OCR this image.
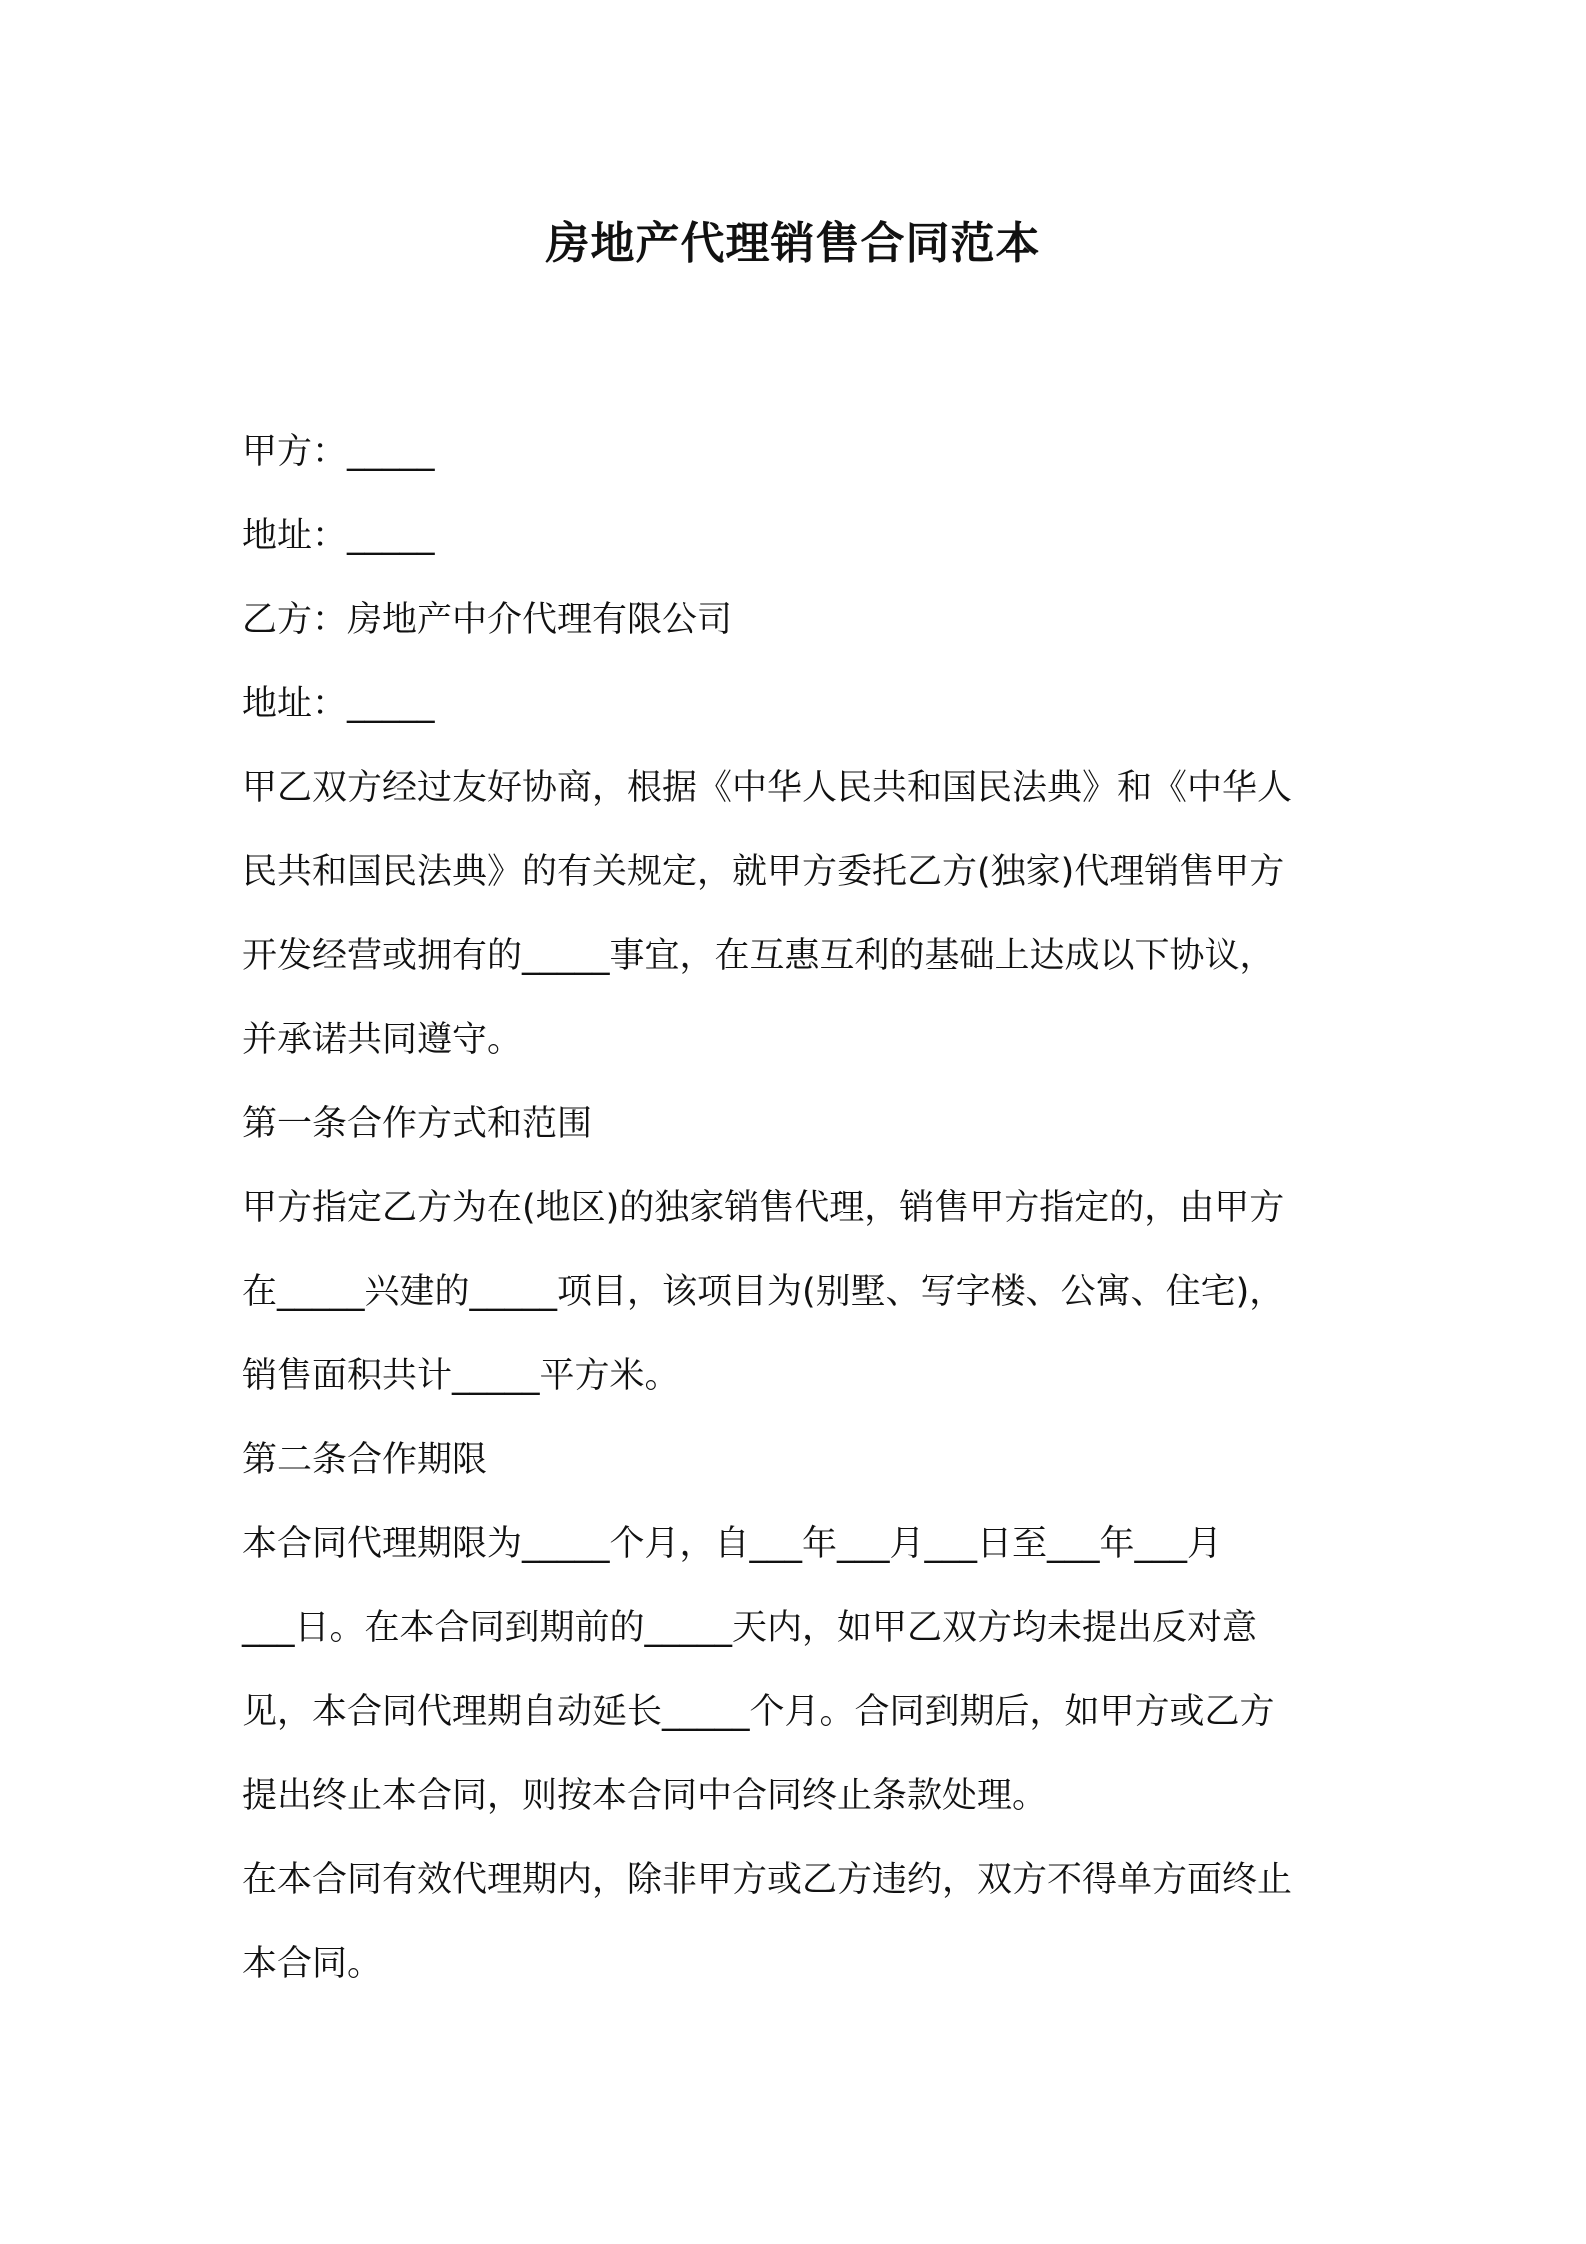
房地产代理销售合同范本
甲方：_____
地址：_____
乙方：房地产中介代理有限公司
地址：_____
甲乙双方经过友好协商，根据《中华人民共和国民法典》和《中华人
民共和国民法典》的有关规定，就甲方委托乙方(独家)代理销售甲方
开发经营或拥有的_____事宜，在互惠互利的基础上达成以下协议，
并承诺共同遵守。
第一条合作方式和范围
甲方指定乙方为在(地区)的独家销售代理，销售甲方指定的，由甲方
在_____兴建的_____项目，该项目为(别墅、写字楼、公寓、住宅)，
销售面积共计_____平方米。
第二条合作期限
本合同代理期限为_____个月，自___年___月___日至___年___月
___日。在本合同到期前的_____天内，如甲乙双方均未提出反对意
见，本合同代理期自动延长_____个月。合同到期后，如甲方或乙方
提出终止本合同，则按本合同中合同终止条款处理。
在本合同有效代理期内，除非甲方或乙方违约，双方不得单方面终止
本合同。
